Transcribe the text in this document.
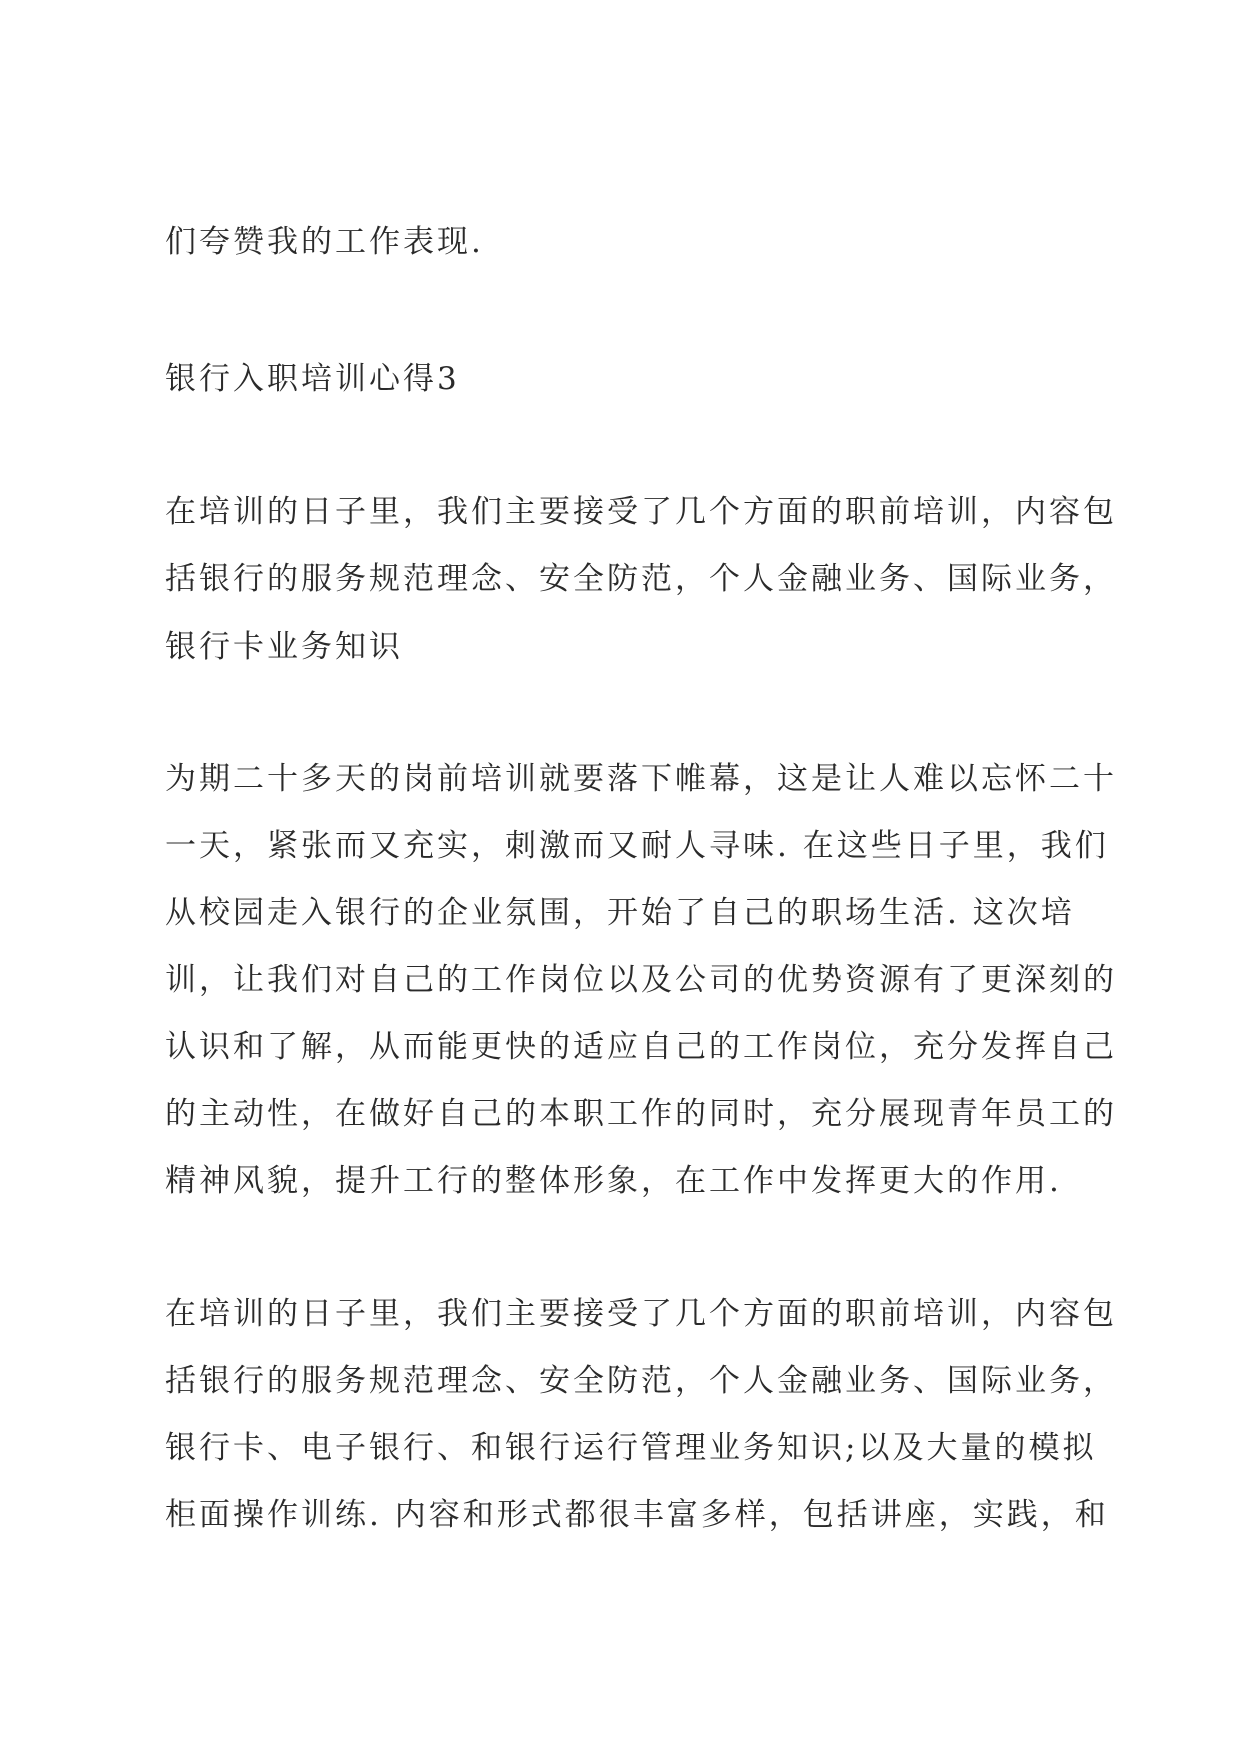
们夸赞我的工作表现.
银行入职培训心得3
在培训的日子里，我们主要接受了几个方面的职前培训，内容包
括银行的服务规范理念、安全防范，个人金融业务、国际业务，
银行卡业务知识
为期二十多天的岗前培训就要落下帷幕，这是让人难以忘怀二十
一天，紧张而又充实，刺激而又耐人寻味. 在这些日子里，我们
从校园走入银行的企业氛围，开始了自己的职场生活. 这次培
训，让我们对自己的工作岗位以及公司的优势资源有了更深刻的
认识和了解，从而能更快的适应自己的工作岗位，充分发挥自己
的主动性，在做好自己的本职工作的同时，充分展现青年员工的
精神风貌，提升工行的整体形象，在工作中发挥更大的作用.
在培训的日子里，我们主要接受了几个方面的职前培训，内容包
括银行的服务规范理念、安全防范，个人金融业务、国际业务，
银行卡、电子银行、和银行运行管理业务知识;以及大量的模拟
柜面操作训练. 内容和形式都很丰富多样，包括讲座，实践，和
